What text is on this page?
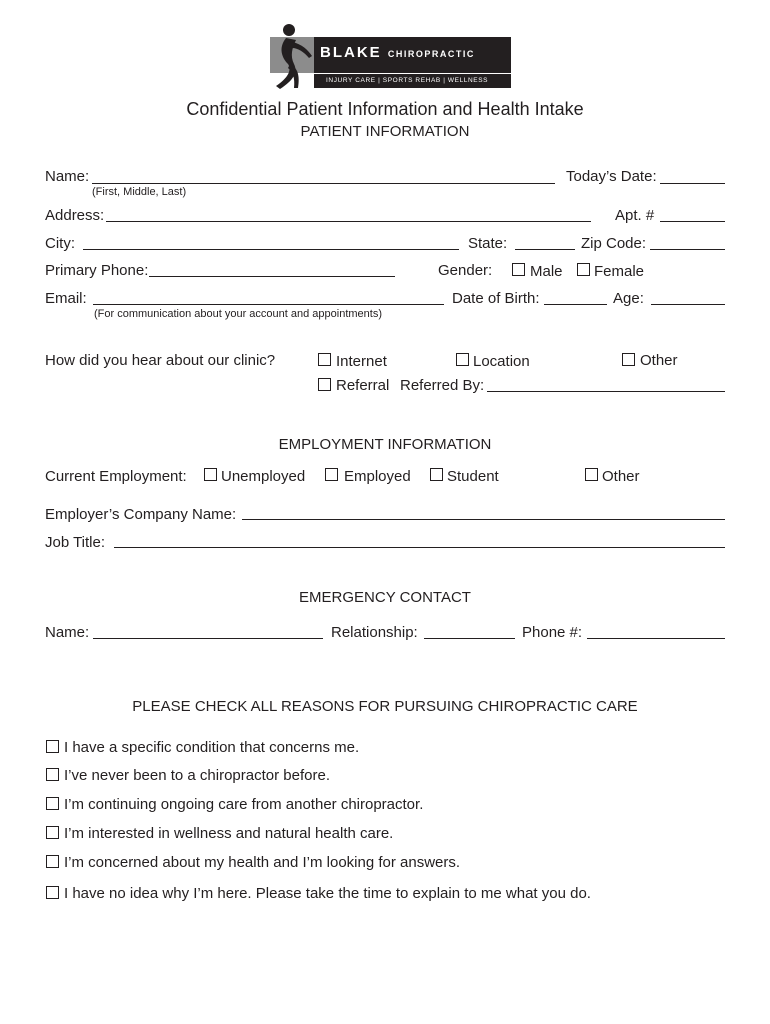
BLAKE CHIROPRACTIC
INJURY CARE | SPORTS REHAB | WELLNESS
Confidential Patient Information and Health Intake
PATIENT INFORMATION
Name:	Today’s Date:
(First, Middle, Last)
Address:	Apt. #
City:	State:	Zip Code:
Primary Phone:	Gender:	Male Female
Email:	Date of Birth:	Age:
(For communication about your account and appointments)
How did you hear about our clinic?	Internet	Location	Other
Referral Referred By:
EMPLOYMENT INFORMATION
Current Employment: Unemployed	Employed Student	Other
Employer’s Company Name:
Job Title:
EMERGENCY CONTACT
Name:	Relationship:	Phone #:
PLEASE CHECK ALL REASONS FOR PURSUING CHIROPRACTIC CARE
I have a specific condition that concerns me.
I’ve never been to a chiropractor before.
I’m continuing ongoing care from another chiropractor.
I’m interested in wellness and natural health care.
I’m concerned about my health and I’m looking for answers.
I have no idea why I’m here. Please take the time to explain to me what you do.
